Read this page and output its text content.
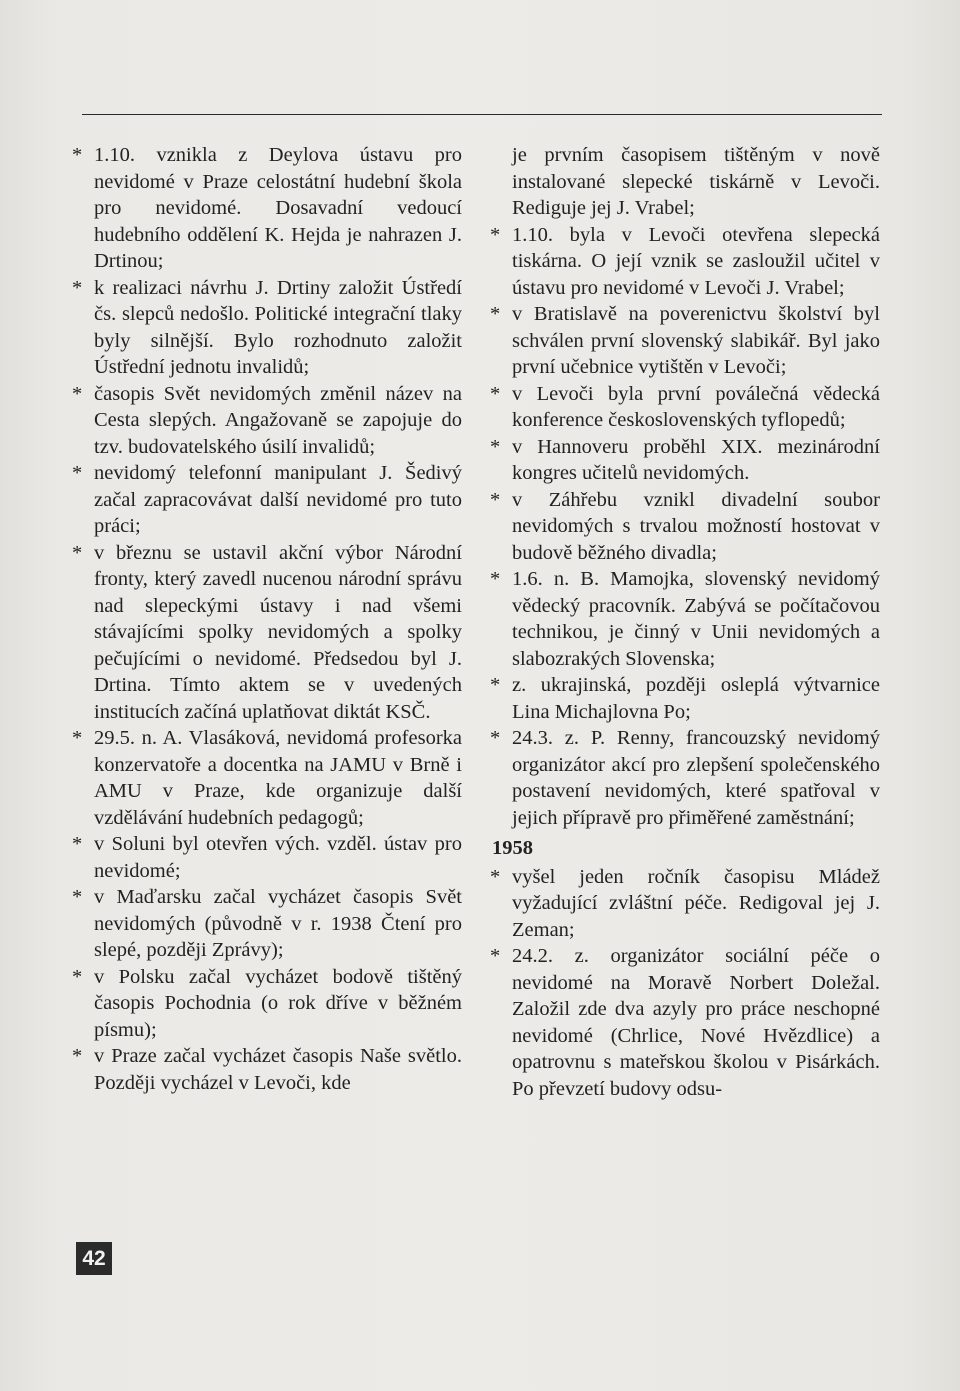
* 1.10. vznikla z Deylova ústavu pro nevidomé v Praze celostátní hudební škola pro nevidomé. Dosavadní vedoucí hudebního oddělení K. Hejda je nahrazen J. Drtinou;

* k realizaci návrhu J. Drtiny založit Ústředí čs. slepců nedošlo. Politické integrační tlaky byly silnější. Bylo rozhodnuto založit Ústřední jednotu invalidů;

* časopis Svět nevidomých změnil název na Cesta slepých. Angažovaně se zapojuje do tzv. budovatelského úsilí invalidů;

* nevidomý telefonní manipulant J. Šedivý začal zapracovávat další nevidomé pro tuto práci;

* v březnu se ustavil akční výbor Národní fronty, který zavedl nucenou národní správu nad slepeckými ústavy i nad všemi stávajícími spolky nevidomých a spolky pečujícími o nevidomé. Předsedou byl J. Drtina. Tímto aktem se v uvedených institucích začíná uplatňovat diktát KSČ.

* 29.5. n. A. Vlasáková, nevidomá profesorka konzervatoře a docentka na JAMU v Brně i AMU v Praze, kde organizuje další vzdělávání hudebních pedagogů;

* v Soluni byl otevřen vých. vzděl. ústav pro nevidomé;

* v Maďarsku začal vycházet časopis Svět nevidomých (původně v r. 1938 Čtení pro slepé, později Zprávy);

* v Polsku začal vycházet bodově tištěný časopis Pochodnia (o rok dříve v běžném písmu);

* v Praze začal vycházet časopis Naše světlo. Později vycházel v Levoči, kde

je prvním časopisem tištěným v nově instalované slepecké tiskárně v Levoči. Rediguje jej J. Vrabel;

* 1.10. byla v Levoči otevřena slepecká tiskárna. O její vznik se zasloužil učitel v ústavu pro nevidomé v Levoči J. Vrabel;

* v Bratislavě na poverenictvu školství byl schválen první slovenský slabikář. Byl jako první učebnice vytištěn v Levoči;

* v Levoči byla první poválečná vědecká konference československých tyflopedů;

* v Hannoveru proběhl XIX. mezinárodní kongres učitelů nevidomých.

* v Záhřebu vznikl divadelní soubor nevidomých s trvalou možností hostovat v budově běžného divadla;

* 1.6. n. B. Mamojka, slovenský nevidomý vědecký pracovník. Zabývá se počítačovou technikou, je činný v Unii nevidomých a slabozrakých Slovenska;

* z. ukrajinská, později osleplá výtvarnice Lina Michajlovna Po;

* 24.3. z. P. Renny, francouzský nevidomý organizátor akcí pro zlepšení společenského postavení nevidomých, které spatřoval v jejich přípravě pro přiměřené zaměstnání;

1958

* vyšel jeden ročník časopisu Mládež vyžadující zvláštní péče. Redigoval jej J. Zeman;

* 24.2. z. organizátor sociální péče o nevidomé na Moravě Norbert Doležal. Založil zde dva azyly pro práce neschopné nevidomé (Chrlice, Nové Hvězdlice) a opatrovnu s mateřskou školou v Pisárkách. Po převzetí budovy odsu-

42
